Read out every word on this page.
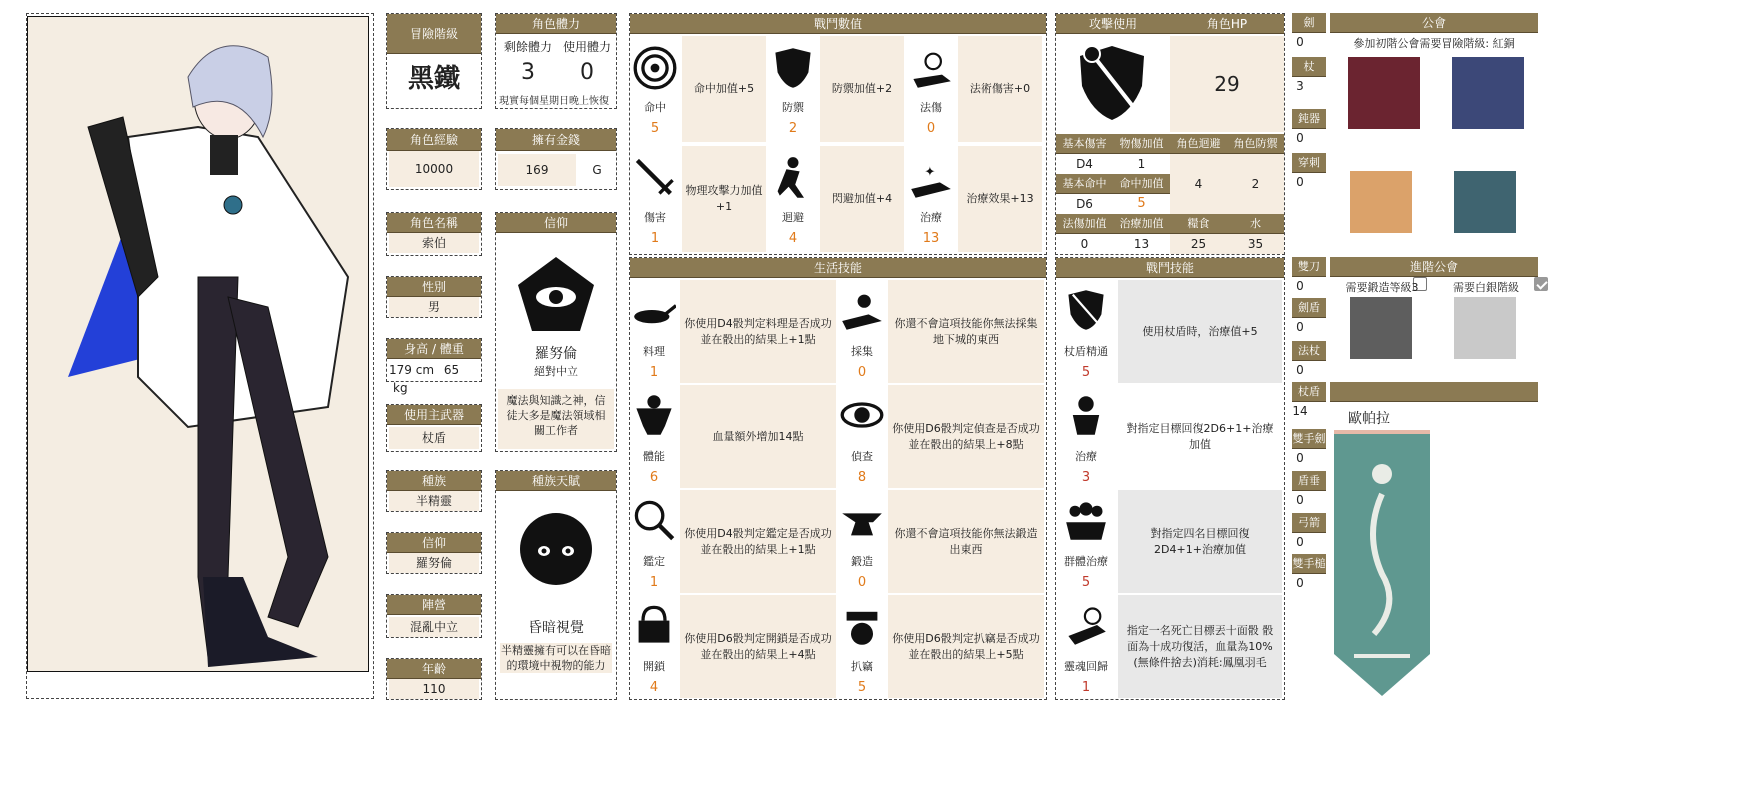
冒險階級
黑鐵
角色經驗
10000
角色名稱
索伯
性別
男
身高 / 體重
179 cm 65 kg
使用主武器
杖盾
種族
半精靈
信仰
羅努倫
陣營
混亂中立
年齡
110
角色體力
剩餘體力 使用體力
3	0
現實每個星期日晚上恢復
擁有金錢
169	G
信仰
羅努倫
絕對中立
魔法與知識之神，信徒大多是魔法領域相關工作者
種族天賦
昏暗視覺
半精靈擁有可以在昏暗的環境中視物的能力
戰鬥數值
命中
5
命中加值+5
防禦
2
防禦加值+2
法傷
0
法術傷害+0
傷害
1
物理攻擊力加值+1
迴避
4
閃避加值+4
✦
治療
13
治療效果+13
生活技能
料理
1
你使用D4骰判定料理是否成功並在骰出的結果上+1點
採集
0
你還不會這項技能你無法採集地下城的東西
體能
6
血量額外增加14點
偵查
8
你使用D6骰判定偵查是否成功並在骰出的結果上+8點
鑑定
1
你使用D4骰判定鑑定是否成功並在骰出的結果上+1點
鍛造
0
你還不會這項技能你無法鍛造出東西
開鎖
4
你使用D6骰判定開鎖是否成功並在骰出的結果上+4點
扒竊
5
你使用D6骰判定扒竊是否成功並在骰出的結果上+5點
攻擊使用	角色HP
29
基本傷害	物傷加值	角色迴避	角色防禦
D4	1
4	2
基本命中	命中加值
D6	5
法傷加值	治療加值	糧食	水
0	13	25	35
戰鬥技能
杖盾精通
5
使用杖盾時，治療值+5
治療
3
對指定目標回復2D6+1+治療加值
群體治療
5
對指定四名目標回復2D4+1+治療加值
靈魂回歸
1
指定一名死亡目標丟十面骰 骰面為十成功復活，血量為10%(無條件捨去)消耗:鳳凰羽毛
劍
0
杖
3
鈍器
0
穿刺
0
雙刀
0
劍盾
0
法杖
0
杖盾
14
雙手劍
0
盾垂
0
弓箭
0
雙手槌
0
公會
參加初階公會需要冒險階級: 紅銅

進階公會
需要鍛造等級3	需要白銀階級

歐帕拉
